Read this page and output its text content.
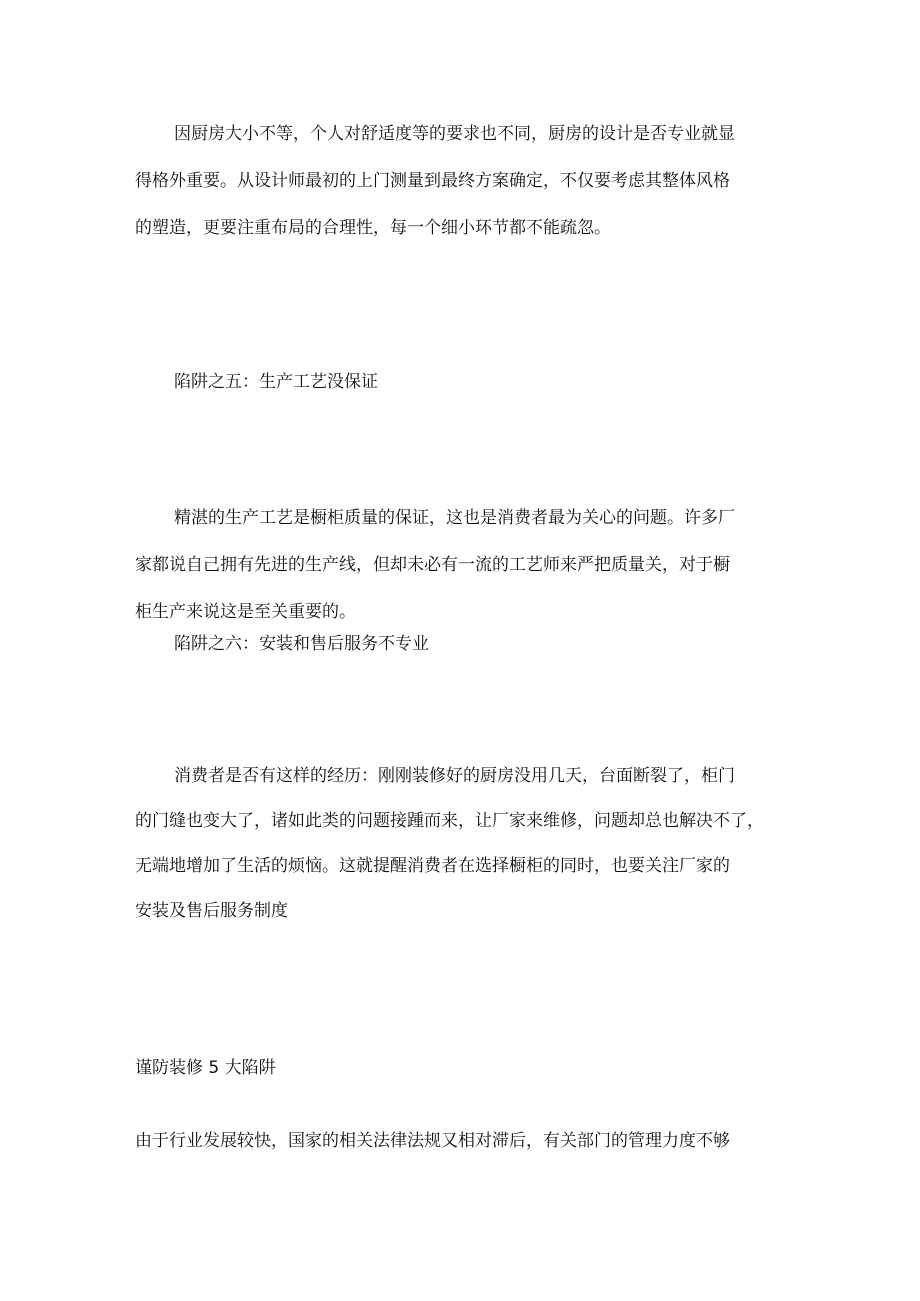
因厨房大小不等，个人对舒适度等的要求也不同，厨房的设计是否专业就显
得格外重要。从设计师最初的上门测量到最终方案确定，不仅要考虑其整体风格
的塑造，更要注重布局的合理性，每一个细小环节都不能疏忽。
陷阱之五：生产工艺没保证
精湛的生产工艺是橱柜质量的保证，这也是消费者最为关心的问题。许多厂
家都说自己拥有先进的生产线，但却未必有一流的工艺师来严把质量关，对于橱
柜生产来说这是至关重要的。
陷阱之六：安装和售后服务不专业
消费者是否有这样的经历：刚刚装修好的厨房没用几天，台面断裂了，柜门
的门缝也变大了，诸如此类的问题接踵而来，让厂家来维修，问题却总也解决不了，
无端地增加了生活的烦恼。这就提醒消费者在选择橱柜的同时，也要关注厂家的
安装及售后服务制度
谨防装修 5 大陷阱
由于行业发展较快，国家的相关法律法规又相对滞后，有关部门的管理力度不够
